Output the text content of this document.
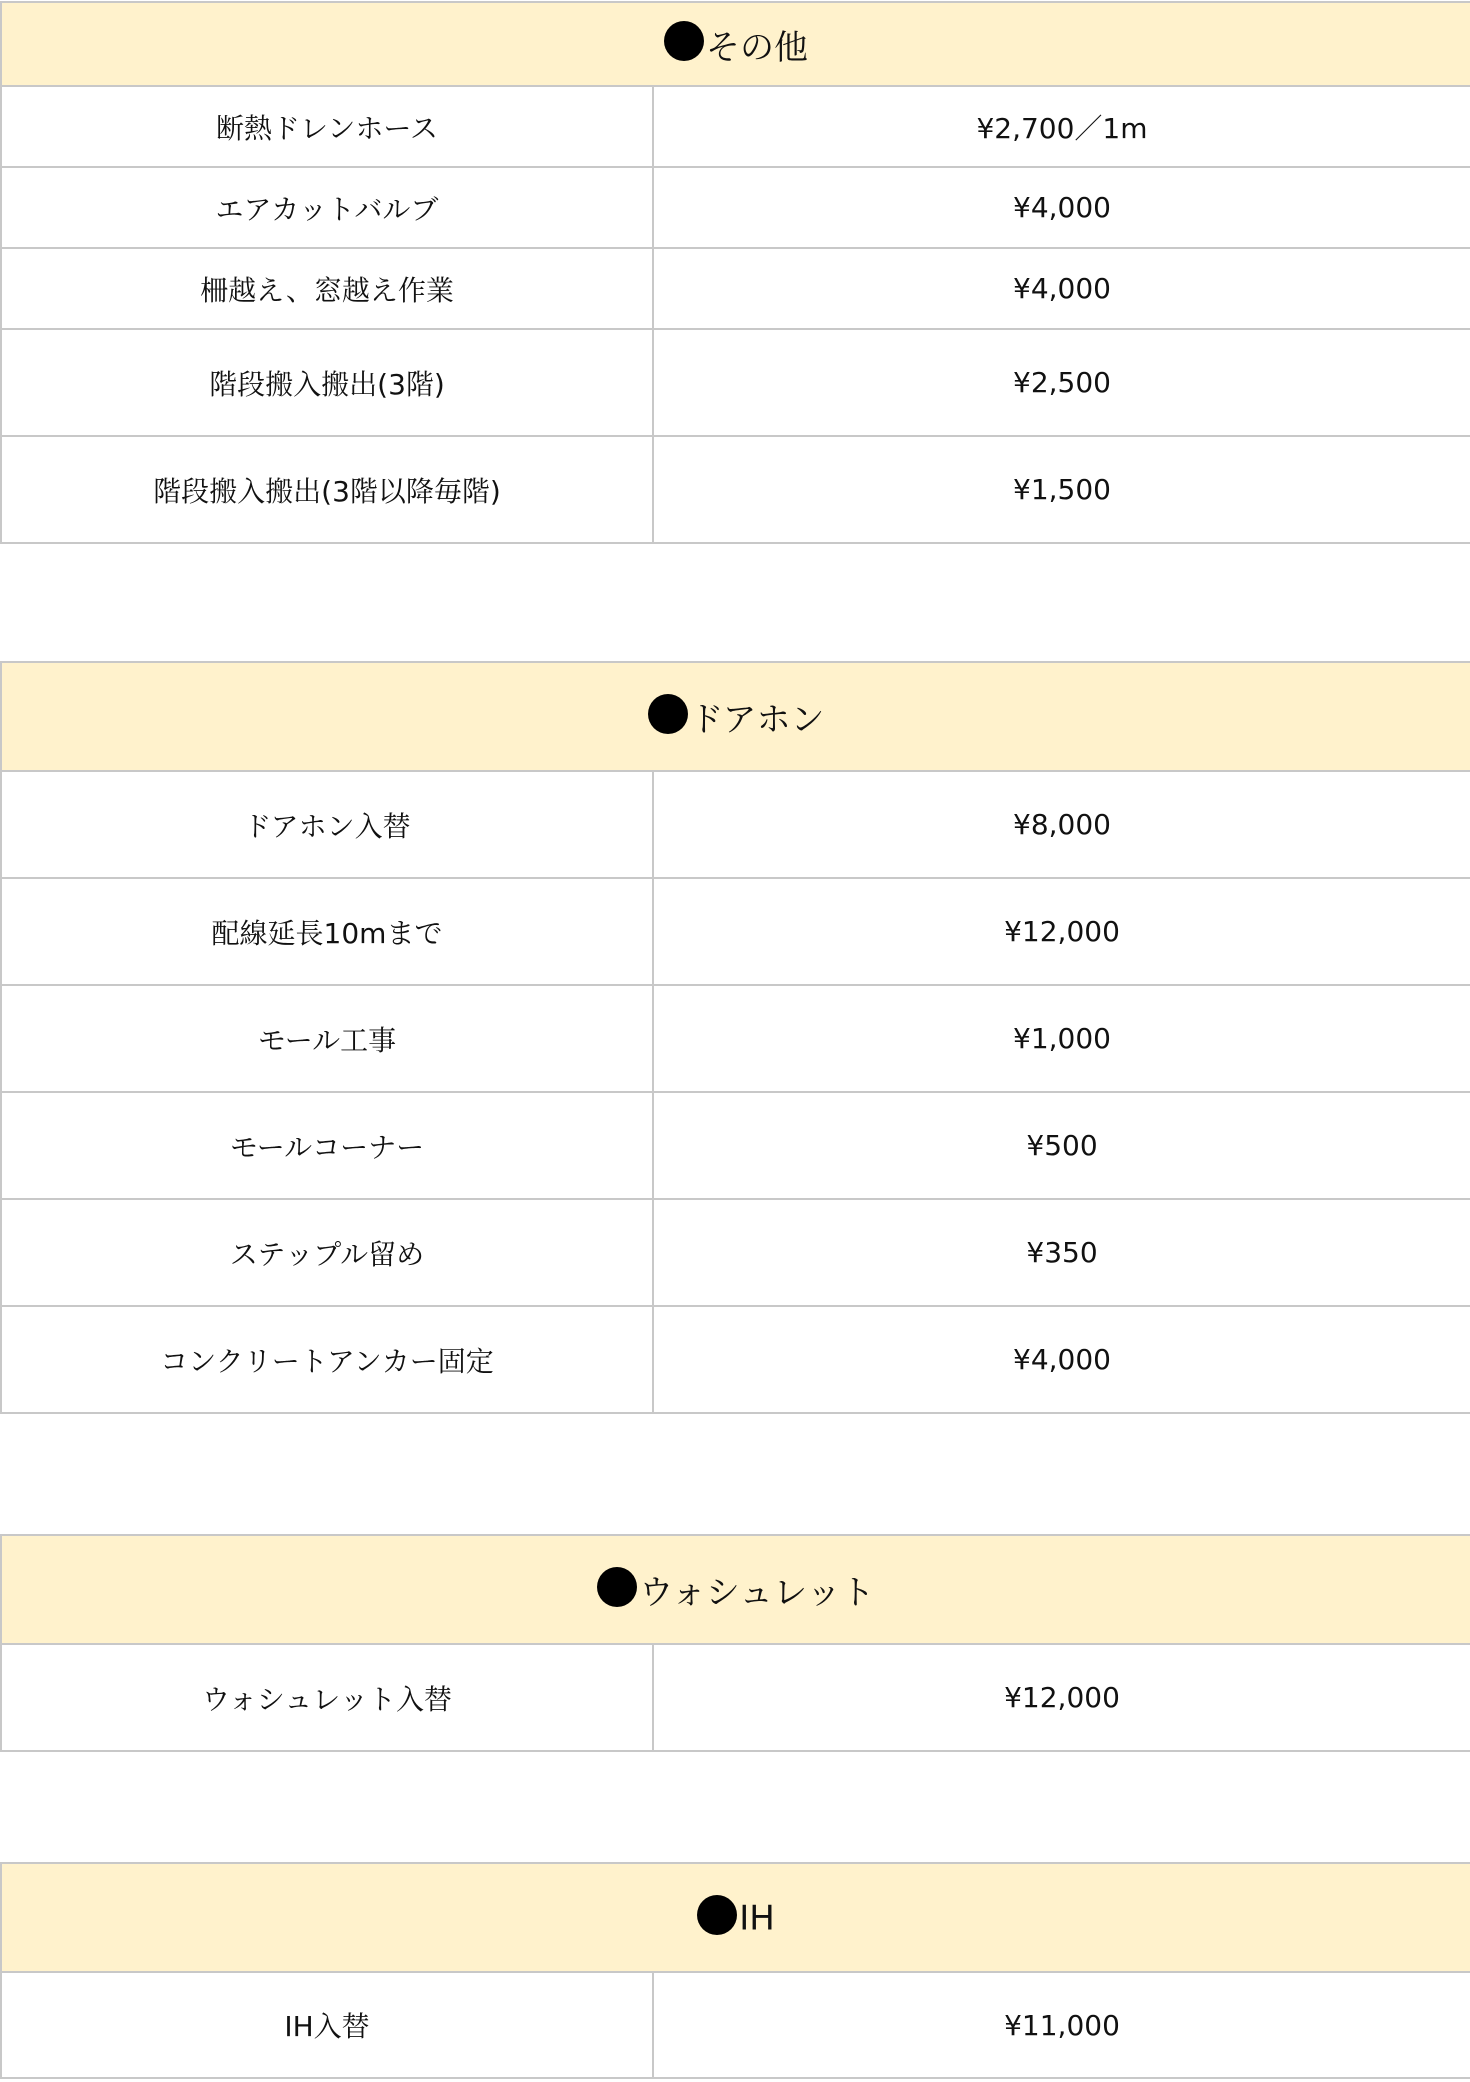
その他	
断熱ドレンホース	¥2,700／1m
エアカットバルブ	¥4,000
柵越え、窓越え作業	¥4,000
階段搬入搬出(3階)	¥2,500
階段搬入搬出(3階以降毎階)	¥1,500
ドアホン	
ドアホン入替	¥8,000
配線延長10mまで	¥12,000
モール工事	¥1,000
モールコーナー	¥500
ステップル留め	¥350
コンクリートアンカー固定	¥4,000
ウォシュレット
ウォシュレット入替	¥12,000
IH
IH入替	¥11,000
